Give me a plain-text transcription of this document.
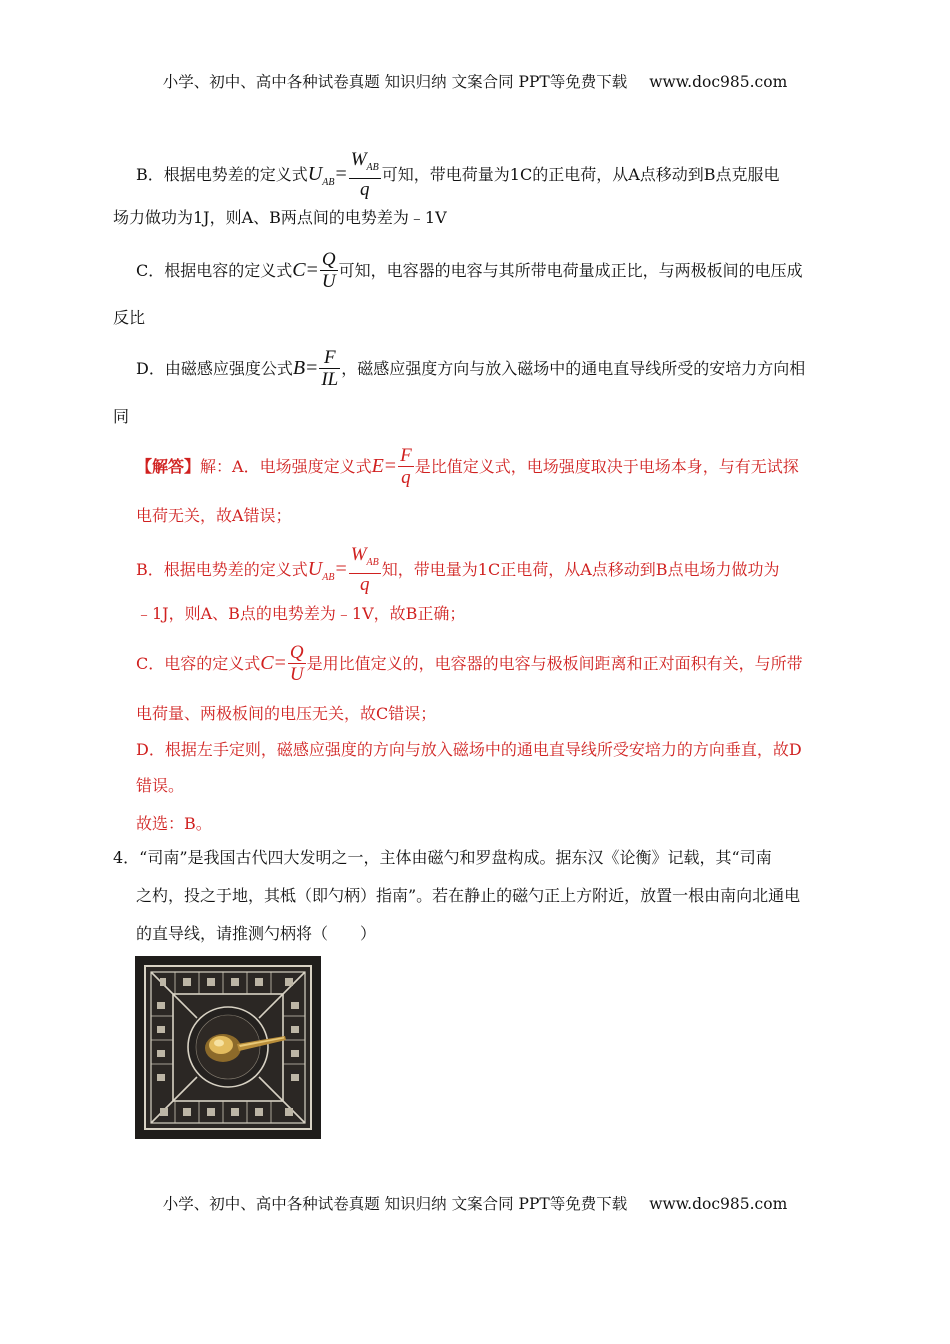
小学、初中、高中各种试卷真题 知识归纳 文案合同 PPT等免费下载 www.doc985.com
B．根据电势差的定义式$U_{AB}= \frac{W_{AB}}{q}$ 可知，带电荷量为1C的正电荷，从A点移动到B点克服电
场力做功为1J，则A、B两点间的电势差为﹣1V
C．根据电容的定义式$C= \frac{Q}{U}$ 可知，电容器的电容与其所带电荷量成正比，与两极板间的电压成
反比
D．由磁感应强度公式$B= \frac{F}{IL}$ ，磁感应强度方向与放入磁场中的通电直导线所受的安培力方向相
同
【解答】解：A．电场强度定义式$E= \frac{F}{q}$ 是比值定义式，电场强度取决于电场本身，与有无试探
电荷无关，故A错误；
B．根据电势差的定义式$U_{AB}= \frac{W_{AB}}{q}$ 知，带电量为1C正电荷，从A点移动到B点电场力做功为
﹣1J，则A、B点的电势差为﹣1V，故B正确；
C．电容的定义式$C= \frac{Q}{U}$ 是用比值定义的，电容器的电容与极板间距离和正对面积有关，与所带
电荷量、两极板间的电压无关，故C错误；
D．根据左手定则，磁感应强度的方向与放入磁场中的通电直导线所受安培力的方向垂直，故D
错误。
故选：B。
4．“司南”是我国古代四大发明之一，主体由磁勺和罗盘构成。据东汉《论衡》记载，其“司南
之杓，投之于地，其柢（即勺柄）指南”。若在静止的磁勺正上方附近，放置一根由南向北通电
的直导线，请推测勺柄将（　　）
小学、初中、高中各种试卷真题 知识归纳 文案合同 PPT等免费下载 www.doc985.com
